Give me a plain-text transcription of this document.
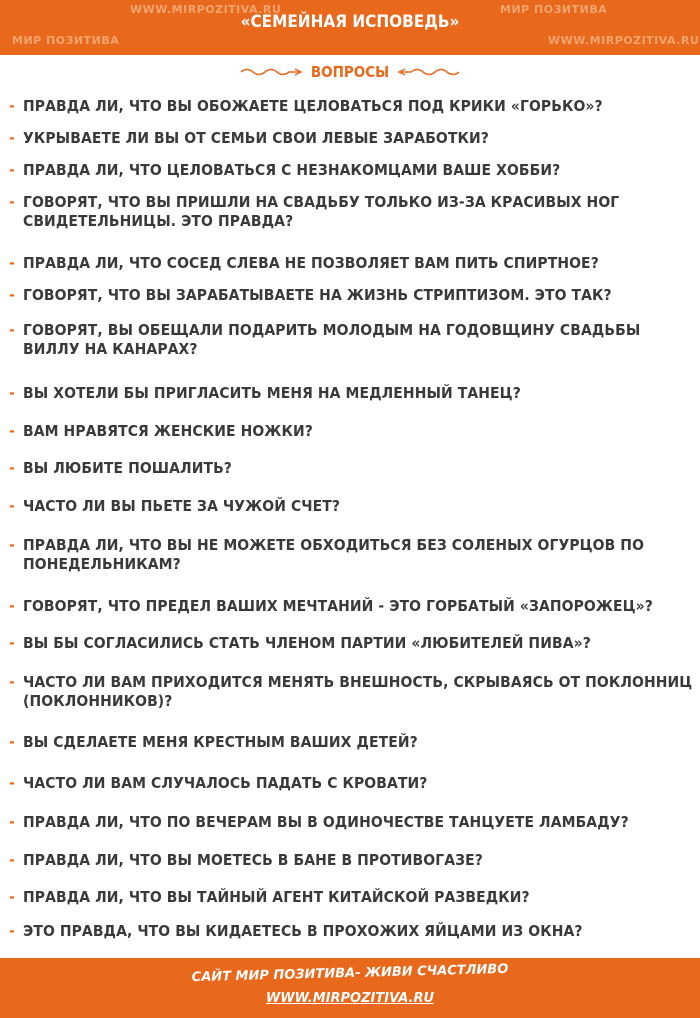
WWW.MIRPOZITIVA.RU	МИР ПОЗИТИВА
МИР ПОЗИТИВА	WWW.MIRPOZITIVA.RU
«СЕМЕЙНАЯ ИСПОВЕДЬ»
ВОПРОСЫ
- ПРАВДА ЛИ, ЧТО ВЫ ОБОЖАЕТЕ ЦЕЛОВАТЬСЯ ПОД КРИКИ «ГОРЬКО»?
- УКРЫВАЕТЕ ЛИ ВЫ ОТ СЕМЬИ СВОИ ЛЕВЫЕ ЗАРАБОТКИ?
- ПРАВДА ЛИ, ЧТО ЦЕЛОВАТЬСЯ С НЕЗНАКОМЦАМИ ВАШЕ ХОББИ?
- ГОВОРЯТ, ЧТО ВЫ ПРИШЛИ НА СВАДЬБУ ТОЛЬКО ИЗ-ЗА КРАСИВЫХ НОГ СВИДЕТЕЛЬНИЦЫ. ЭТО ПРАВДА?
- ПРАВДА ЛИ, ЧТО СОСЕД СЛЕВА НЕ ПОЗВОЛЯЕТ ВАМ ПИТЬ СПИРТНОЕ?
- ГОВОРЯТ, ЧТО ВЫ ЗАРАБАТЫВАЕТЕ НА ЖИЗНЬ СТРИПТИЗОМ. ЭТО ТАК?
- ГОВОРЯТ, ВЫ ОБЕЩАЛИ ПОДАРИТЬ МОЛОДЫМ НА ГОДОВЩИНУ СВАДЬБЫ ВИЛЛУ НА КАНАРАХ?
- ВЫ ХОТЕЛИ БЫ ПРИГЛАСИТЬ МЕНЯ НА МЕДЛЕННЫЙ ТАНЕЦ?
- ВАМ НРАВЯТСЯ ЖЕНСКИЕ НОЖКИ?
- ВЫ ЛЮБИТЕ ПОШАЛИТЬ?
- ЧАСТО ЛИ ВЫ ПЬЕТЕ ЗА ЧУЖОЙ СЧЕТ?
- ПРАВДА ЛИ, ЧТО ВЫ НЕ МОЖЕТЕ ОБХОДИТЬСЯ БЕЗ СОЛЕНЫХ ОГУРЦОВ ПО ПОНЕДЕЛЬНИКАМ?
- ГОВОРЯТ, ЧТО ПРЕДЕЛ ВАШИХ МЕЧТАНИЙ - ЭТО ГОРБАТЫЙ «ЗАПОРОЖЕЦ»?
- ВЫ БЫ СОГЛАСИЛИСЬ СТАТЬ ЧЛЕНОМ ПАРТИИ «ЛЮБИТЕЛЕЙ ПИВА»?
- ЧАСТО ЛИ ВАМ ПРИХОДИТСЯ МЕНЯТЬ ВНЕШНОСТЬ, СКРЫВАЯСЬ ОТ ПОКЛОННИЦ (ПОКЛОННИКОВ)?
- ВЫ СДЕЛАЕТЕ МЕНЯ КРЕСТНЫМ ВАШИХ ДЕТЕЙ?
- ЧАСТО ЛИ ВАМ СЛУЧАЛОСЬ ПАДАТЬ С КРОВАТИ?
- ПРАВДА ЛИ, ЧТО ПО ВЕЧЕРАМ ВЫ В ОДИНОЧЕСТВЕ ТАНЦУЕТЕ ЛАМБАДУ?
- ПРАВДА ЛИ, ЧТО ВЫ МОЕТЕСЬ В БАНЕ В ПРОТИВОГАЗЕ?
- ПРАВДА ЛИ, ЧТО ВЫ ТАЙНЫЙ АГЕНТ КИТАЙСКОЙ РАЗВЕДКИ?
- ЭТО ПРАВДА, ЧТО ВЫ КИДАЕТЕСЬ В ПРОХОЖИХ ЯЙЦАМИ ИЗ ОКНА?
САЙТ МИР ПОЗИТИВА- ЖИВИ СЧАСТЛИВО
WWW.MIRPOZITIVA.RU
